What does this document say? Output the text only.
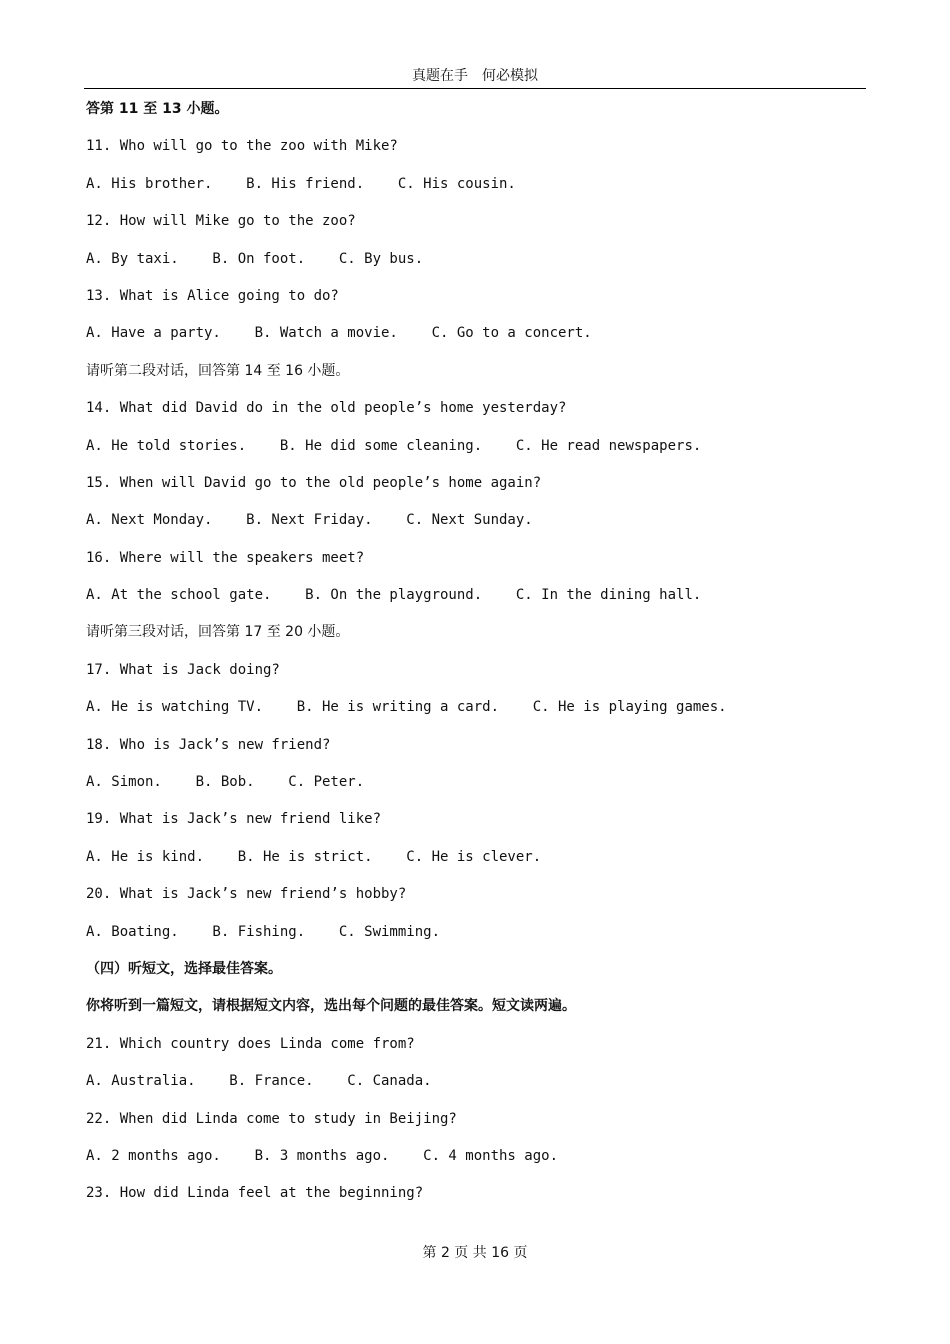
真题在手　何必模拟
答第 11 至 13 小题。
11. Who will go to the zoo with Mike?
A. His brother.    B. His friend.    C. His cousin.
12. How will Mike go to the zoo?
A. By taxi.    B. On foot.    C. By bus.
13. What is Alice going to do?
A. Have a party.    B. Watch a movie.    C. Go to a concert.
请听第二段对话，回答第 14 至 16 小题。
14. What did David do in the old people’s home yesterday?
A. He told stories.    B. He did some cleaning.    C. He read newspapers.
15. When will David go to the old people’s home again?
A. Next Monday.    B. Next Friday.    C. Next Sunday.
16. Where will the speakers meet?
A. At the school gate.    B. On the playground.    C. In the dining hall.
请听第三段对话，回答第 17 至 20 小题。
17. What is Jack doing?
A. He is watching TV.    B. He is writing a card.    C. He is playing games.
18. Who is Jack’s new friend?
A. Simon.    B. Bob.    C. Peter.
19. What is Jack’s new friend like?
A. He is kind.    B. He is strict.    C. He is clever.
20. What is Jack’s new friend’s hobby?
A. Boating.    B. Fishing.    C. Swimming.
（四）听短文，选择最佳答案。
你将听到一篇短文，请根据短文内容，选出每个问题的最佳答案。短文读两遍。
21. Which country does Linda come from?
A. Australia.    B. France.    C. Canada.
22. When did Linda come to study in Beijing?
A. 2 months ago.    B. 3 months ago.    C. 4 months ago.
23. How did Linda feel at the beginning?
第 2 页 共 16 页
